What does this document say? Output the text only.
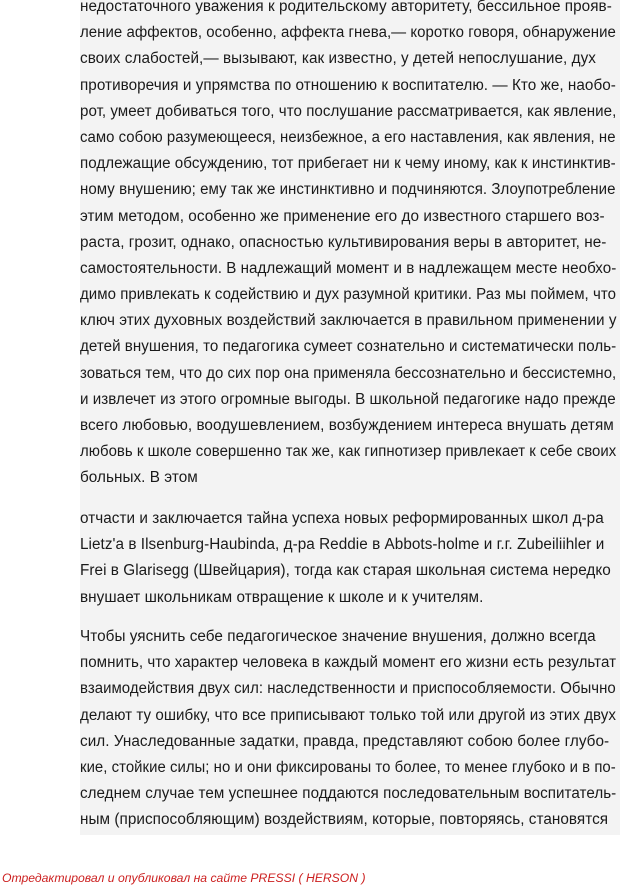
недостаточного уважения к родительскому авторитету, бессильное прояв-
ление аффектов, особенно, аффекта гнева,— коротко говоря, обнаружение
своих слабостей,— вызывают, как известно, у детей непослушание, дух
противоречия и упрямства по отношению к воспитателю. — Кто же, наобо-
рот, умеет добиваться того, что послушание рассматривается, как явление,
само собою разумеющееся, неизбежное, а его наставления, как явления, не
подлежащие обсуждению, тот прибегает ни к чему иному, как к инстинктив-
ному внушению; ему так же инстинктивно и подчиняются. Злоупотребление
этим методом, особенно же применение его до известного старшего воз-
раста, грозит, однако, опасностью культивирования веры в авторитет, не-
самостоятельности. В надлежащий момент и в надлежащем месте необхо-
димо привлекать к содействию и дух разумной критики. Раз мы поймем, что
ключ этих духовных воздействий заключается в правильном применении у
детей внушения, то педагогика сумеет сознательно и систематически поль-
зоваться тем, что до сих пор она применяла бессознательно и бессистемно,
и извлечет из этого огромные выгоды. В школьной педагогике надо прежде
всего любовью, воодушевлением, возбуждением интереса внушать детям
любовь к школе совершенно так же, как гипнотизер привлекает к себе своих
больных. В этом
отчасти и заключается тайна успеха новых реформированных школ д-ра
Lietz'a в Ilsenburg-Haubinda, д-ра Reddie в Abbots-holme и г.г. Zubeiliihler и
Frei в Glarisegg (Швейцария), тогда как старая школьная система нередко
внушает школьникам отвращение к школе и к учителям.
Чтобы уяснить себе педагогическое значение внушения, должно всегда
помнить, что характер человека в каждый момент его жизни есть результат
взаимодействия двух сил: наследственности и приспособляемости. Обычно
делают ту ошибку, что все приписывают только той или другой из этих двух
сил. Унаследованные задатки, правда, представляют собою более глубо-
кие, стойкие силы; но и они фиксированы то более, то менее глубоко и в по-
следнем случае тем успешнее поддаются последовательным воспитатель-
ным (приспособляющим) воздействиям, которые, повторяясь, становятся
Отредактировал и опубликовал на сайте PRESSI ( HERSON )
